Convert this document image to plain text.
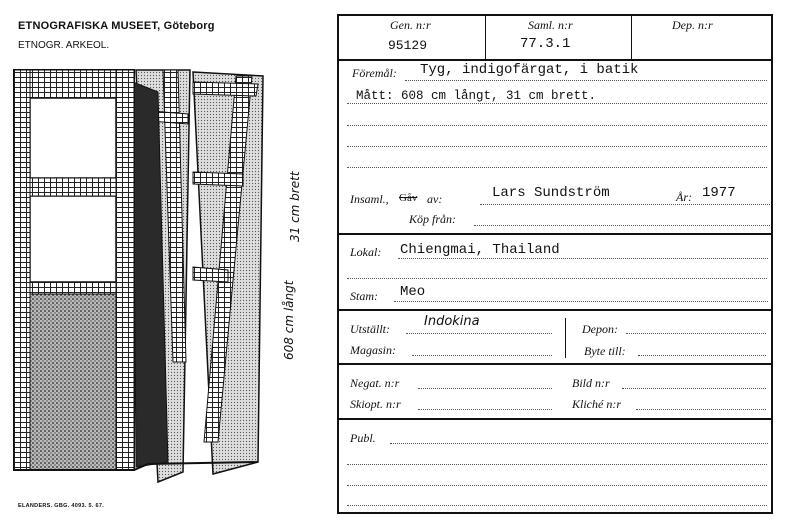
ETNOGRAFISKA MUSEET, Göteborg
ETNOGR. ARKEOL.
608 cm långt
31 cm brett
ELANDERS. GBG. 4093. 5. 67.
Gen. n:r
95129
Saml. n:r
77.3.1
Dep. n:r
Föremål: Tyg, indigofärgat, i batik
Mått: 608 cm långt, 31 cm brett.
Insaml., Gåv av:	Lars Sundström	År: 1977
Köp från:
Lokal: Chiengmai, Thailand
Stam: Meo
Utställt:	Indokina	Depon:
Magasin:	Byte till:
Negat. n:r	Bild n:r
Skiopt. n:r	Kliché n:r
Publ.
